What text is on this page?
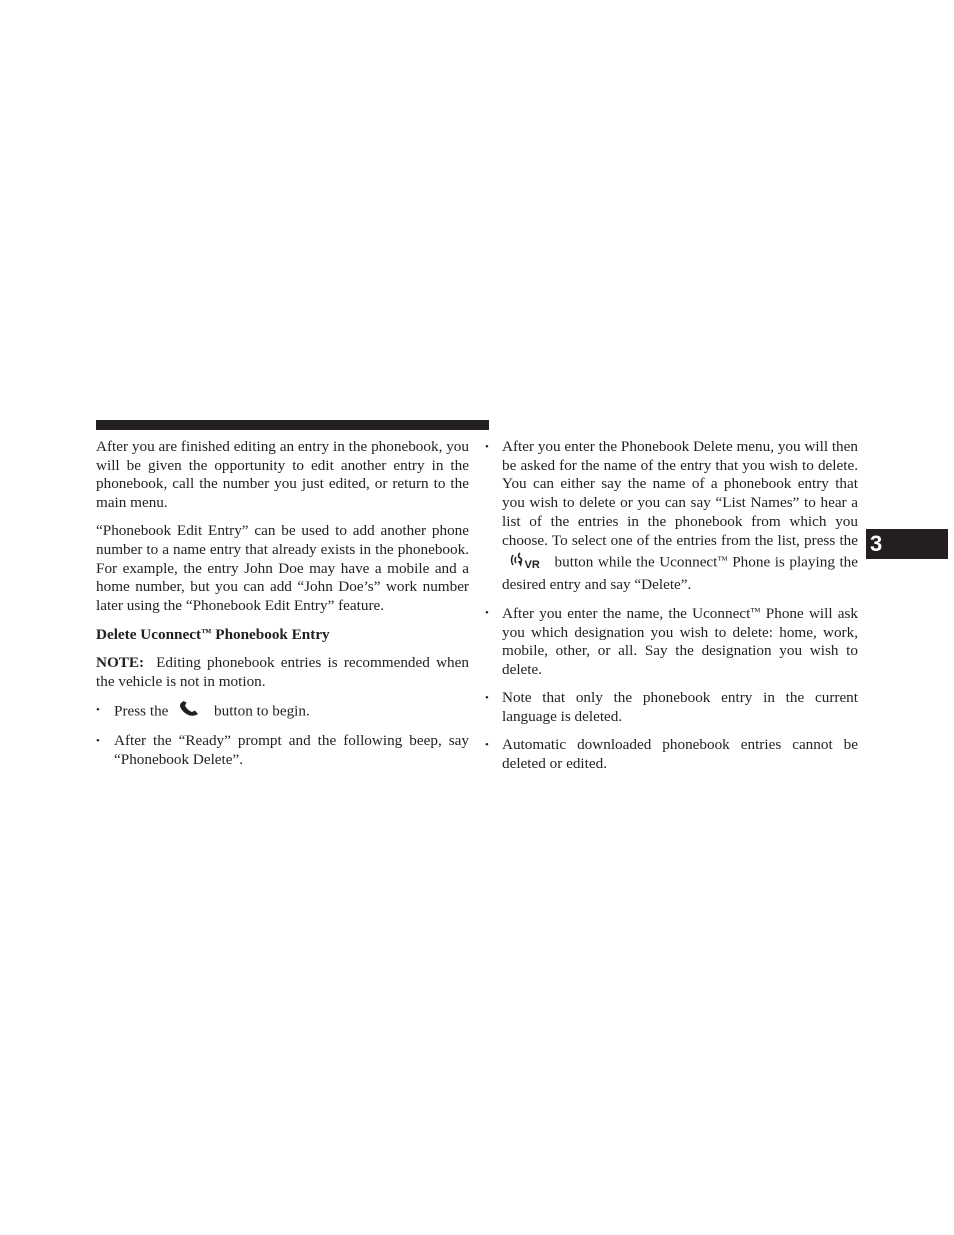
After you are finished editing an entry in the phonebook, you will be given the opportunity to edit another entry in the phonebook, call the number you just edited, or return to the main menu.

“Phonebook Edit Entry” can be used to add another phone number to a name entry that already exists in the phonebook. For example, the entry John Doe may have a mobile and a home number, but you can add “John Doe’s” work number later using the “Phonebook Edit Entry” feature.

Delete Uconnect™ Phonebook Entry

NOTE: Editing phonebook entries is recommended when the vehicle is not in motion.

• Press the	button to begin.
• After the “Ready” prompt and the following beep, say “Phonebook Delete”.
• After you enter the Phonebook Delete menu, you will then be asked for the name of the entry that you wish to delete. You can either say the name of a phonebook entry that you wish to delete or you can say “List Names” to hear a list of the entries in the phonebook from which you choose. To select one of the entries from the list, press the
VR button while the Uconnect™ Phone is playing the desired entry and say “Delete”.
• After you enter the name, the Uconnect™ Phone will ask you which designation you wish to delete: home, work, mobile, other, or all. Say the designation you wish to delete.
• Note that only the phonebook entry in the current language is deleted.
• Automatic downloaded phonebook entries cannot be deleted or edited.
3
